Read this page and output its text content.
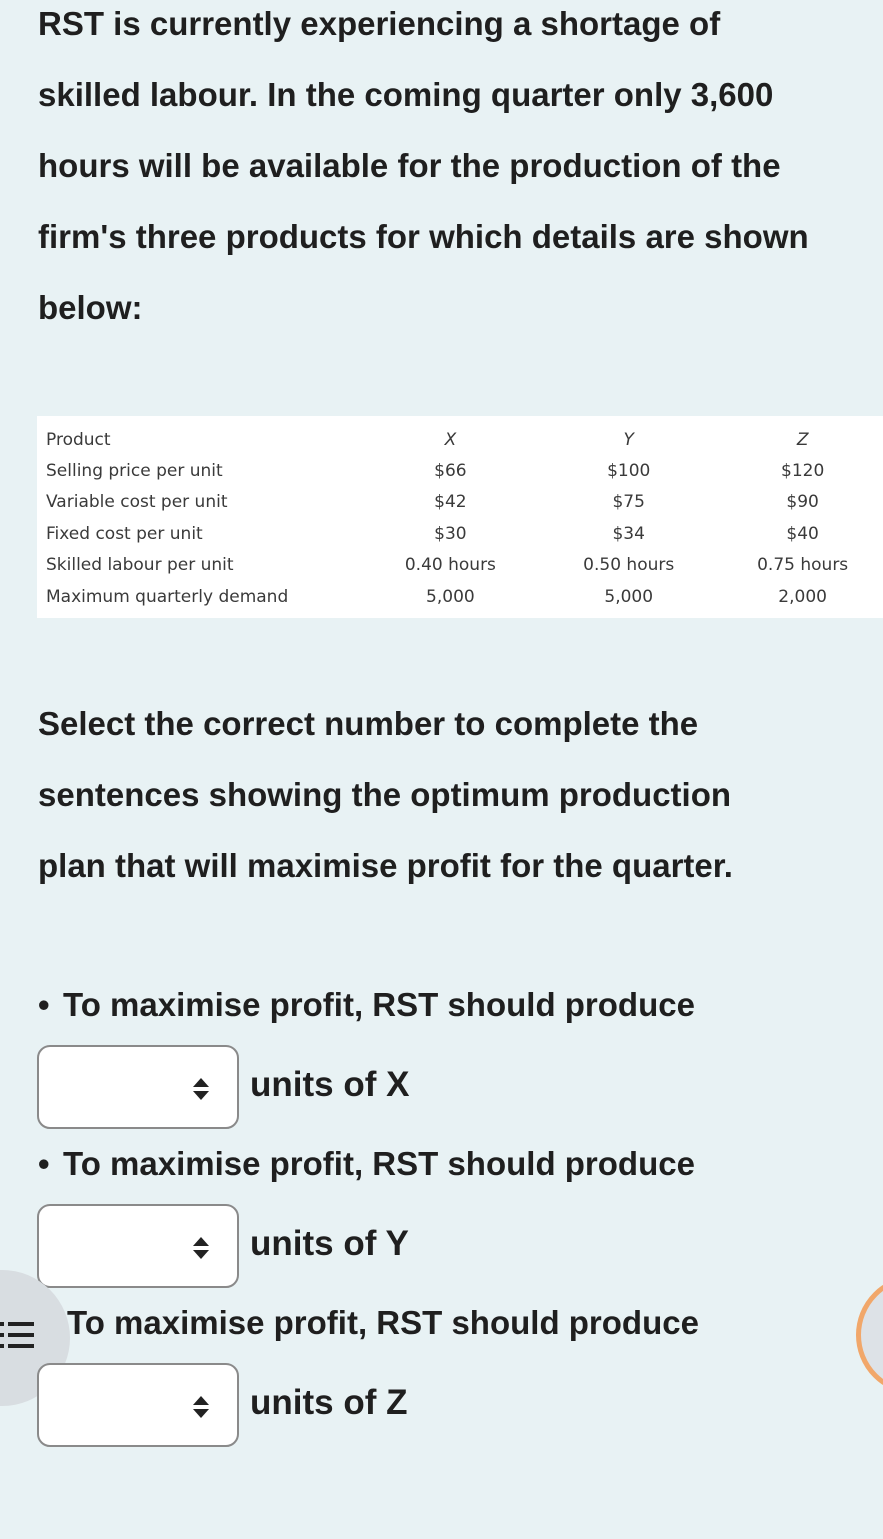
RST is currently experiencing a shortage of
skilled labour. In the coming quarter only 3,600
hours will be available for the production of the
firm's three products for which details are shown
below:
Product	X	Y	Z
Selling price per unit	$66	$100	$120
Variable cost per unit	$42	$75	$90
Fixed cost per unit	$30	$34	$40
Skilled labour per unit	0.40 hours	0.50 hours	0.75 hours
Maximum quarterly demand	5,000	5,000	2,000
Select the correct number to complete the
sentences showing the optimum production
plan that will maximise profit for the quarter.
• To maximise profit, RST should produce
units of X
• To maximise profit, RST should produce
units of Y
To maximise profit, RST should produce
units of Z
